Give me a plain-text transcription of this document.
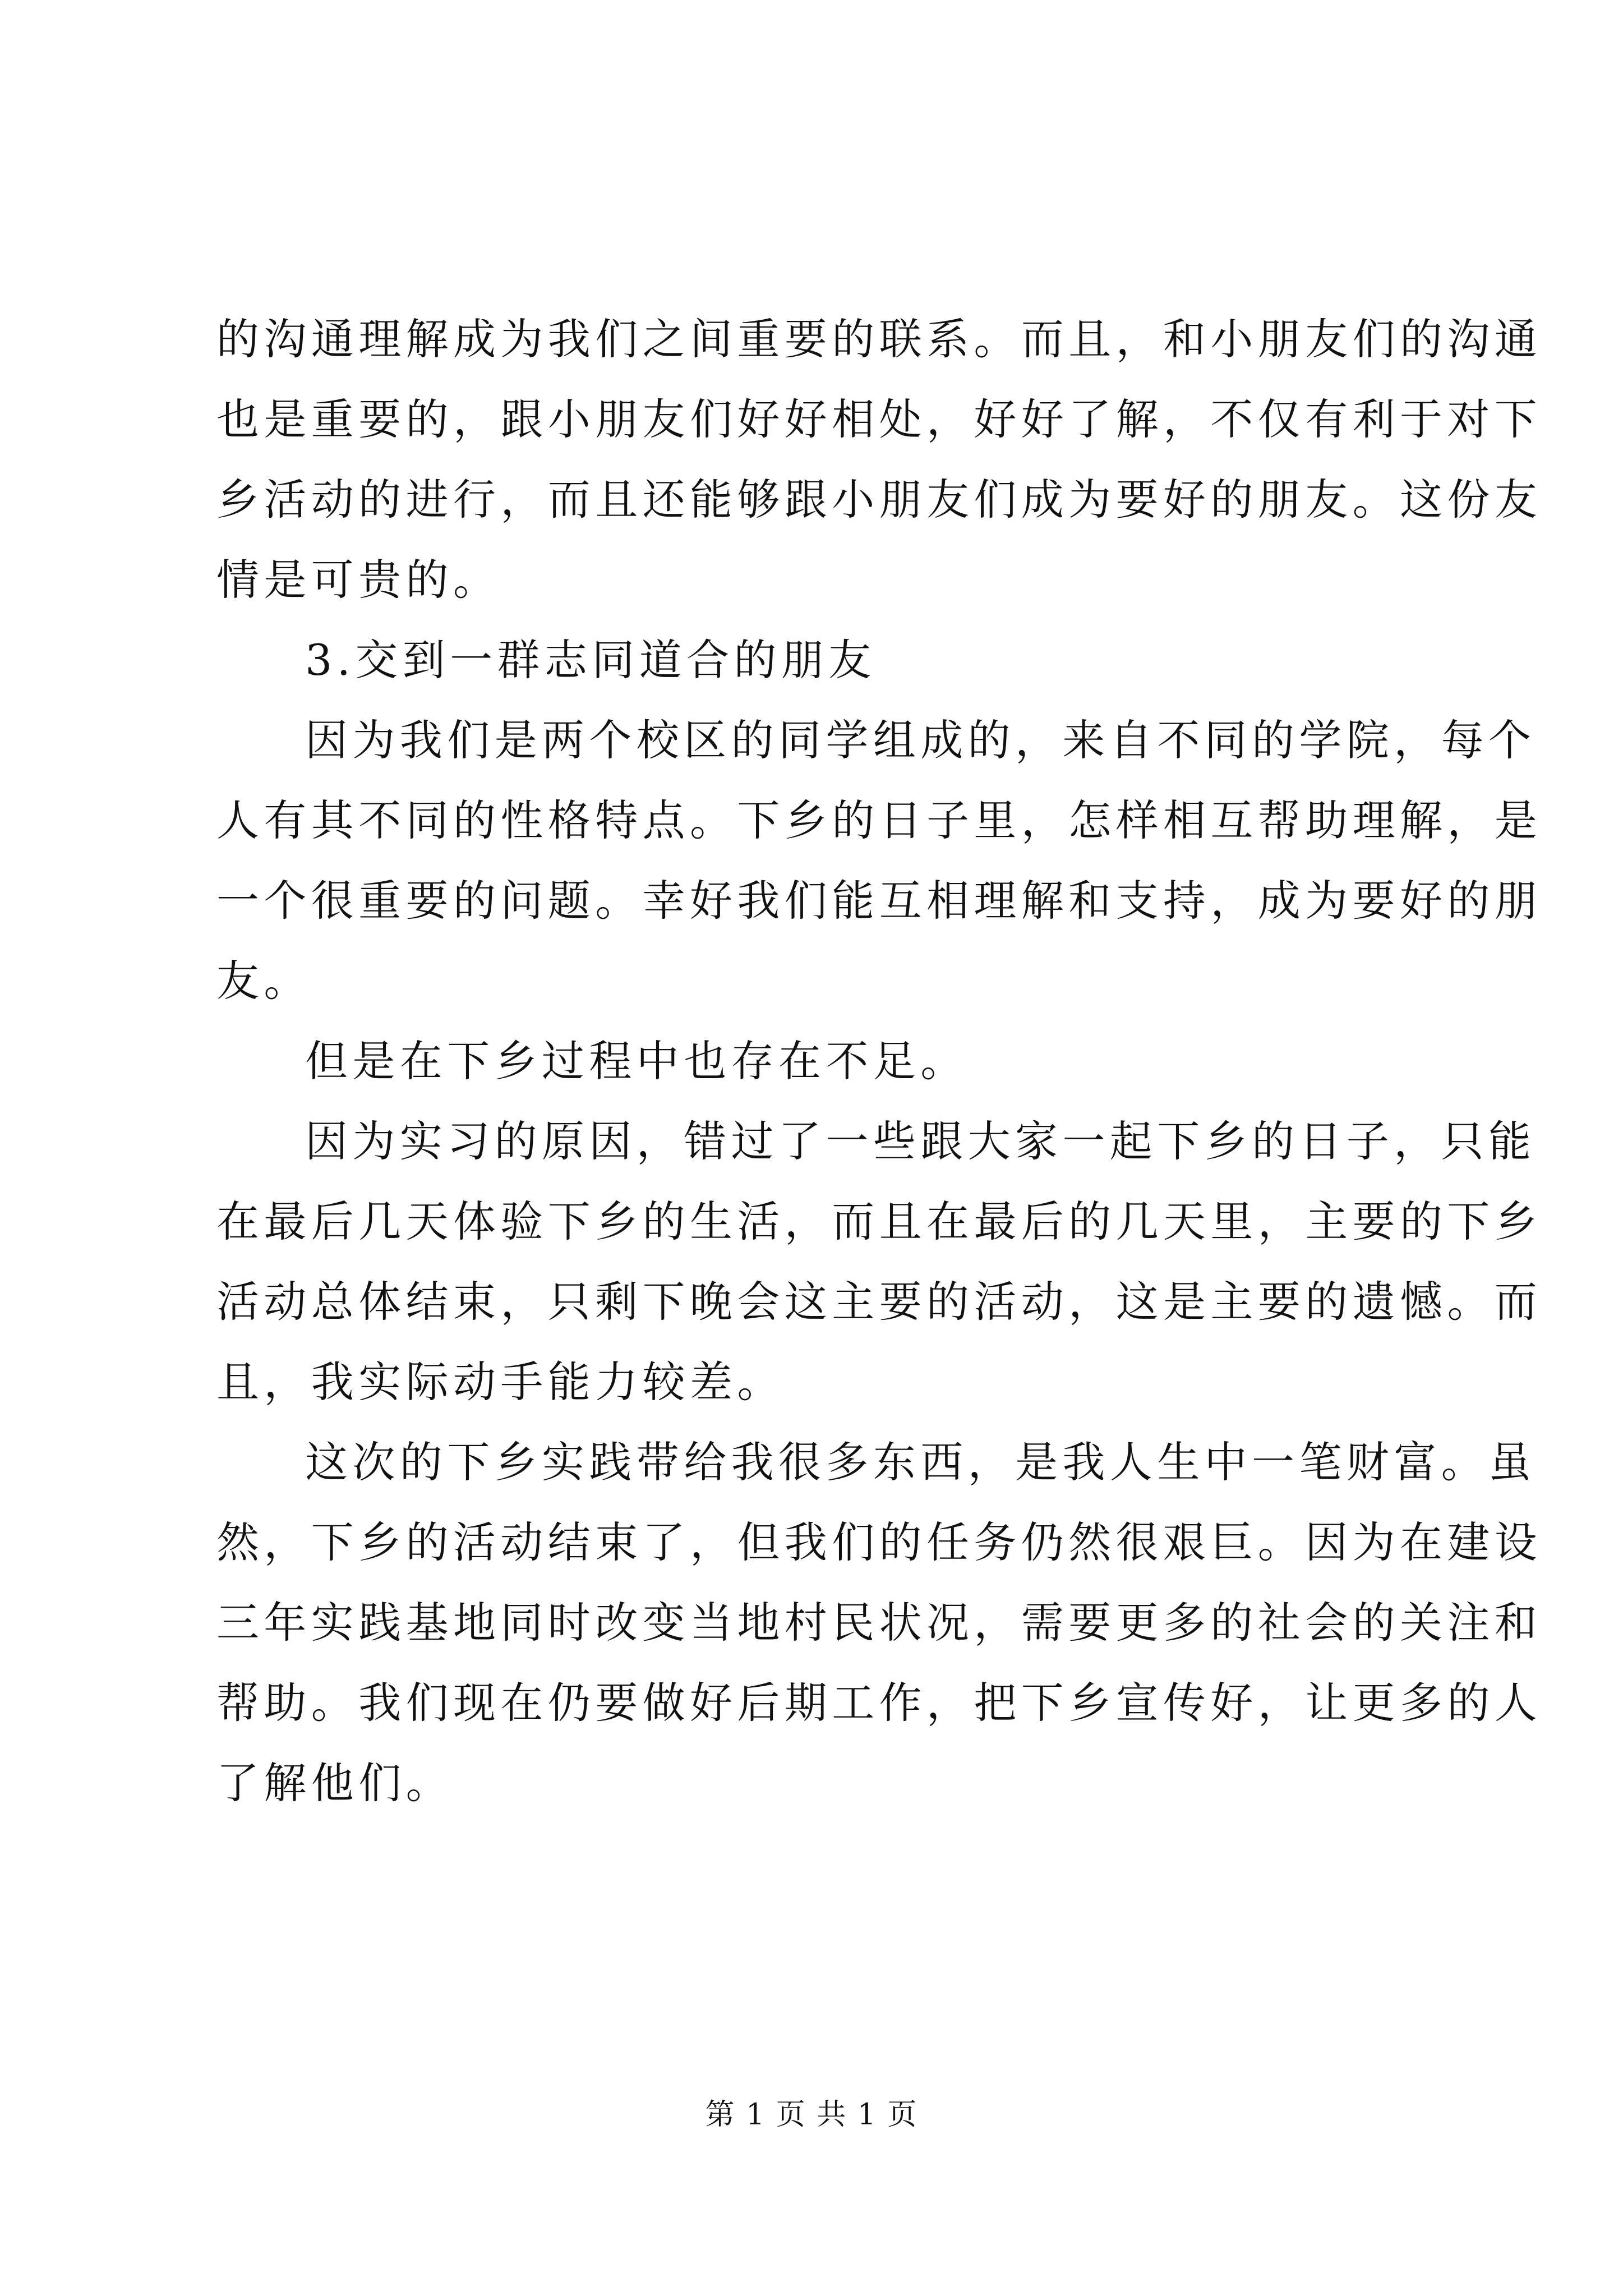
的沟通理解成为我们之间重要的联系。而且，和小朋友们的沟通

也是重要的，跟小朋友们好好相处，好好了解，不仅有利于对下

乡活动的进行，而且还能够跟小朋友们成为要好的朋友。这份友

情是可贵的。

3.交到一群志同道合的朋友

因为我们是两个校区的同学组成的，来自不同的学院，每个

人有其不同的性格特点。下乡的日子里，怎样相互帮助理解，是

一个很重要的问题。幸好我们能互相理解和支持，成为要好的朋

友。

但是在下乡过程中也存在不足。

因为实习的原因，错过了一些跟大家一起下乡的日子，只能

在最后几天体验下乡的生活，而且在最后的几天里，主要的下乡

活动总体结束，只剩下晚会这主要的活动，这是主要的遗憾。而

且，我实际动手能力较差。

这次的下乡实践带给我很多东西，是我人生中一笔财富。虽

然，下乡的活动结束了，但我们的任务仍然很艰巨。因为在建设

三年实践基地同时改变当地村民状况，需要更多的社会的关注和

帮助。我们现在仍要做好后期工作，把下乡宣传好，让更多的人

了解他们。

第 1 页 共 1 页
